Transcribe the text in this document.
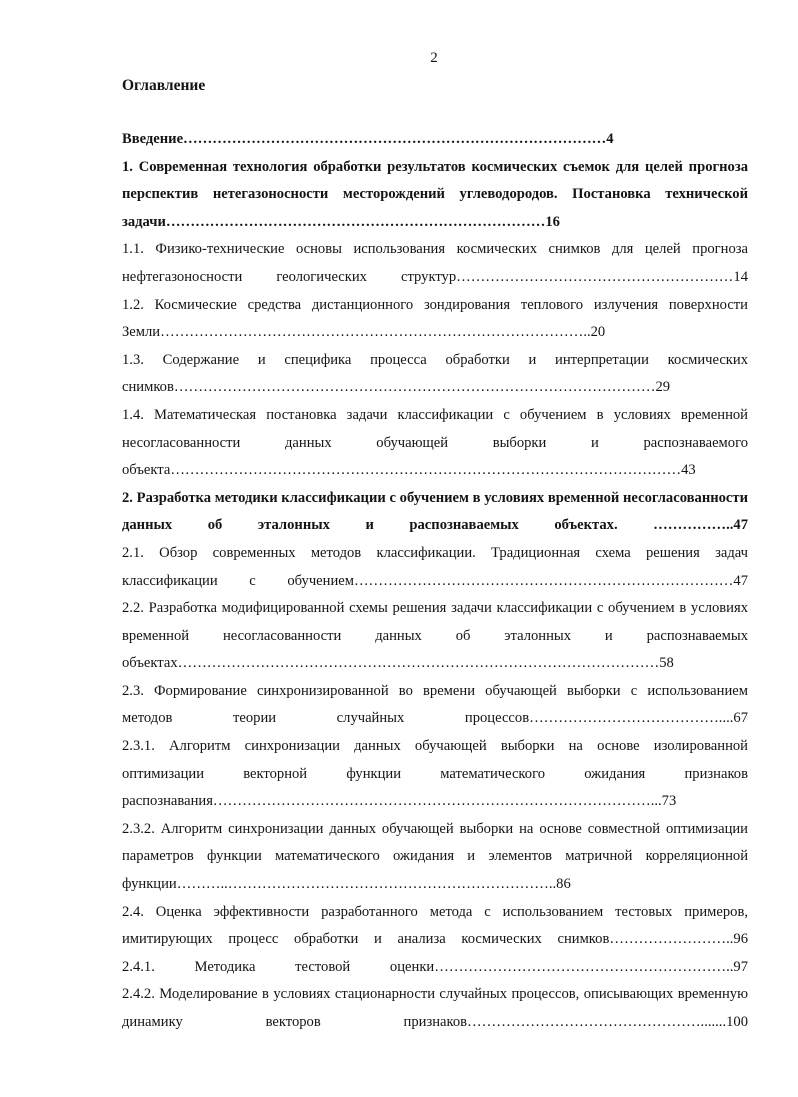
2
Оглавление

Введение……………………………………………………………………………4

1. Современная технология обработки результатов космических съемок для целей прогноза перспектив нетегазоносности месторождений углеводородов. Постановка технической задачи……………………………………………………………………16

1.1. Физико-технические основы использования космических снимков для целей прогноза нефтегазоносности геологических структур…………………………………………………14

1.2. Космические средства дистанционного зондирования теплового излучения поверхности Земли……………………………………………………………………………..20

1.3. Содержание и специфика процесса обработки и интерпретации космических снимков………………………………………………………………………………………29

1.4. Математическая постановка задачи классификации с обучением в условиях временной несогласованности данных обучающей выборки и распознаваемого объекта……………………………………………………………………………………………43

2. Разработка методики классификации с обучением в условиях временной несогласованности данных об эталонных и распознаваемых объектах. ……………..47

2.1. Обзор современных методов классификации. Традиционная схема решения задач классификации с обучением……………………………………………………………………47

2.2. Разработка модифицированной схемы решения задачи классификации с обучением в условиях временной несогласованности данных об эталонных и распознаваемых объектах………………………………………………………………………………………58

2.3. Формирование синхронизированной во времени обучающей выборки с использованием методов теории случайных процессов…………………………………....67

2.3.1. Алгоритм синхронизации данных обучающей выборки на основе изолированной оптимизации векторной функции математического ожидания признаков распознавания………………………………………………………………………………...73

2.3.2. Алгоритм синхронизации данных обучающей выборки на основе совместной оптимизации параметров функции математического ожидания и элементов матричной корреляционной функции………..…………………………………………………………..86

2.4. Оценка эффективности разработанного метода с использованием тестовых примеров, имитирующих процесс обработки и анализа космических снимков……………………..96

2.4.1. Методика тестовой оценки……………………………………………………..97

2.4.2. Моделирование в условиях стационарности случайных процессов, описывающих временную динамику векторов признаков………………………………………….......100
